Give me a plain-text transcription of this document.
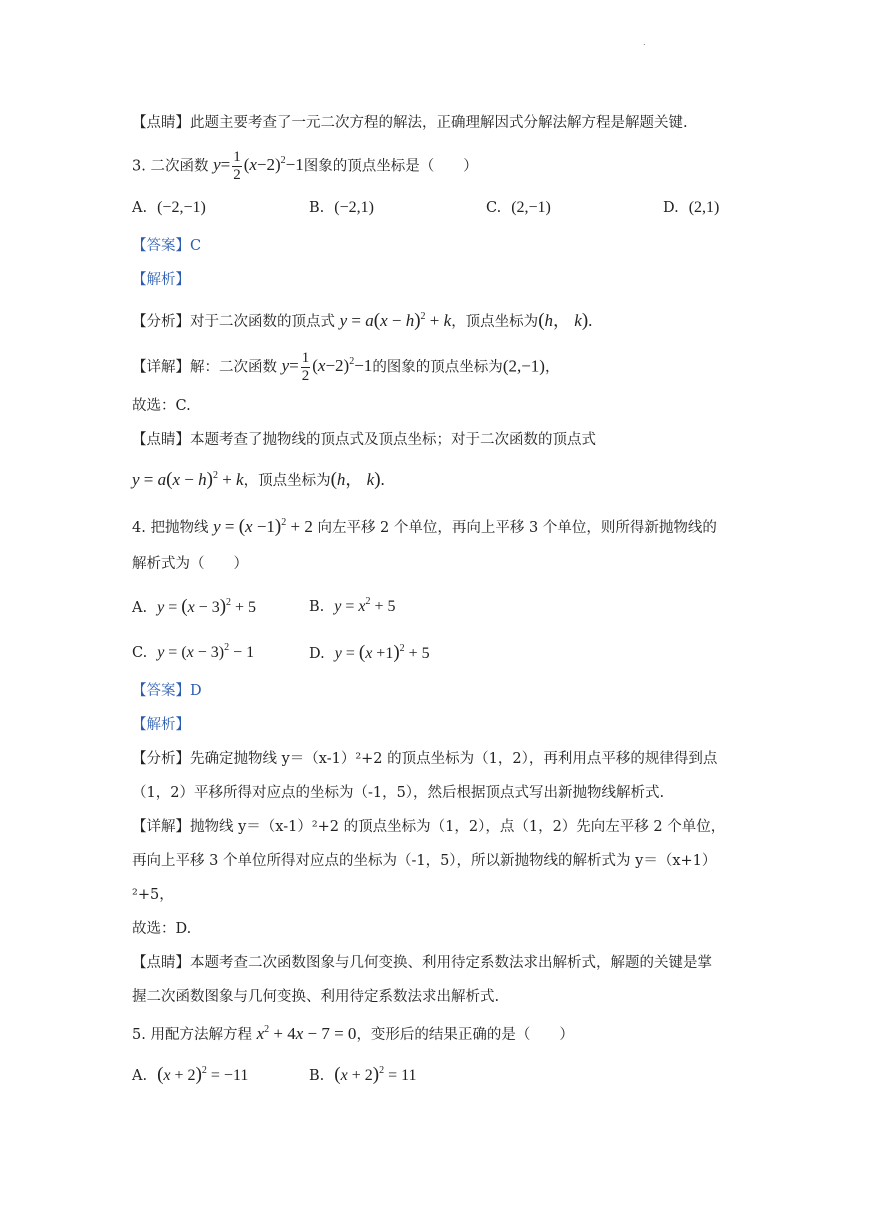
.
【点睛】此题主要考查了一元二次方程的解法，正确理解因式分解法解方程是解题关键.
3. 二次函数 $y= \frac{1}{2} (x-2)^2-1$图象的顶点坐标是（　　）
A. (−2,−1)	B. (−2,1)	C. (2,−1)	D. (2,1)
【答案】C
【解析】
【分析】对于二次函数的顶点式 $y = a(x - h)^2 + k$，顶点坐标为(h， k).
【详解】解：二次函数 $y= \frac{1}{2} (x-2)^2-1$的图象的顶点坐标为(2,−1)，
故选：C.
【点睛】本题考查了抛物线的顶点式及顶点坐标；对于二次函数的顶点式
$y = a(x - h)^2 + k$，顶点坐标为(h， k).
4. 把抛物线 $y = (x -1)^2 + 2$ 向左平移 2 个单位，再向上平移 3 个单位，则所得新抛物线的
解析式为（　　）
A. $y = (x - 3)^2 + 5$	B. $y = x^2 + 5$
C. $y = (x - 3)^2 - 1$	D. $y = (x +1)^2 + 5$
【答案】D
【解析】
【分析】先确定抛物线 y＝（x-1）²+2 的顶点坐标为（1，2），再利用点平移的规律得到点
（1，2）平移所得对应点的坐标为（-1，5），然后根据顶点式写出新抛物线解析式.
【详解】抛物线 y＝（x-1）²+2 的顶点坐标为（1，2），点（1，2）先向左平移 2 个单位，
再向上平移 3 个单位所得对应点的坐标为（-1，5），所以新抛物线的解析式为 y＝（x+1）
²+5，
故选：D.
【点睛】本题考查二次函数图象与几何变换、利用待定系数法求出解析式，解题的关键是掌
握二次函数图象与几何变换、利用待定系数法求出解析式.
5. 用配方法解方程 $x^2 + 4x - 7 = 0$，变形后的结果正确的是（　　）
A. $(x + 2)^2 = -11$	B. $(x + 2)^2 = 11$
